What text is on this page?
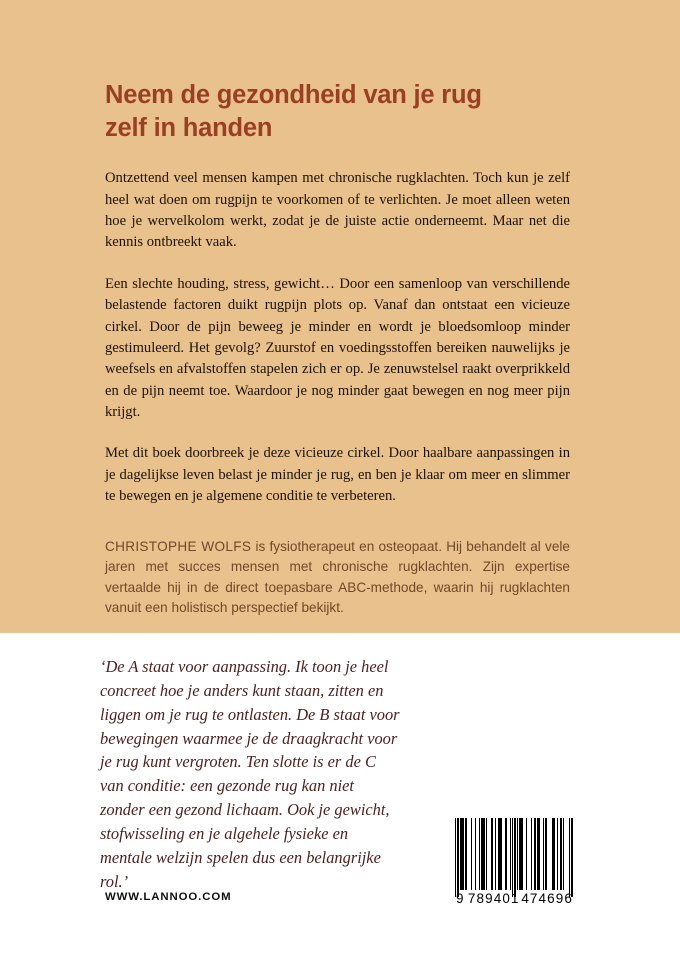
Neem de gezondheid van je rug
zelf in handen

Ontzettend veel mensen kampen met chronische rugklachten. Toch kun je zelf heel wat doen om rugpijn te voorkomen of te verlichten. Je moet alleen weten hoe je wervelkolom werkt, zodat je de juiste actie onderneemt. Maar net die kennis ontbreekt vaak.

Een slechte houding, stress, gewicht… Door een samenloop van verschillende belastende factoren duikt rugpijn plots op. Vanaf dan ontstaat een vicieuze cirkel. Door de pijn beweeg je minder en wordt je bloedsomloop minder gestimuleerd. Het gevolg? Zuurstof en voedingsstoffen bereiken nauwelijks je weefsels en afvalstoffen stapelen zich er op. Je zenuwstelsel raakt overprikkeld en de pijn neemt toe. Waardoor je nog minder gaat bewegen en nog meer pijn krijgt.

Met dit boek doorbreek je deze vicieuze cirkel. Door haalbare aanpassingen in je dagelijkse leven belast je minder je rug, en ben je klaar om meer en slimmer te bewegen en je algemene conditie te verbeteren.

CHRISTOPHE WOLFS is fysiotherapeut en osteopaat. Hij behandelt al vele jaren met succes mensen met chronische rugklachten. Zijn expertise vertaalde hij in de direct toepasbare ABC-methode, waarin hij rugklachten vanuit een holistisch perspectief bekijkt.

‘De A staat voor aanpassing. Ik toon je heel concreet hoe je anders kunt staan, zitten en liggen om je rug te ontlasten. De B staat voor bewegingen waarmee je de draagkracht voor je rug kunt vergroten. Ten slotte is er de C van conditie: een gezonde rug kan niet zonder een gezond lichaam. Ook je gewicht, stofwisseling en je algehele fysieke en mentale welzijn spelen dus een belangrijke rol.’

WWW.LANNOO.COM	9 789401 474696
